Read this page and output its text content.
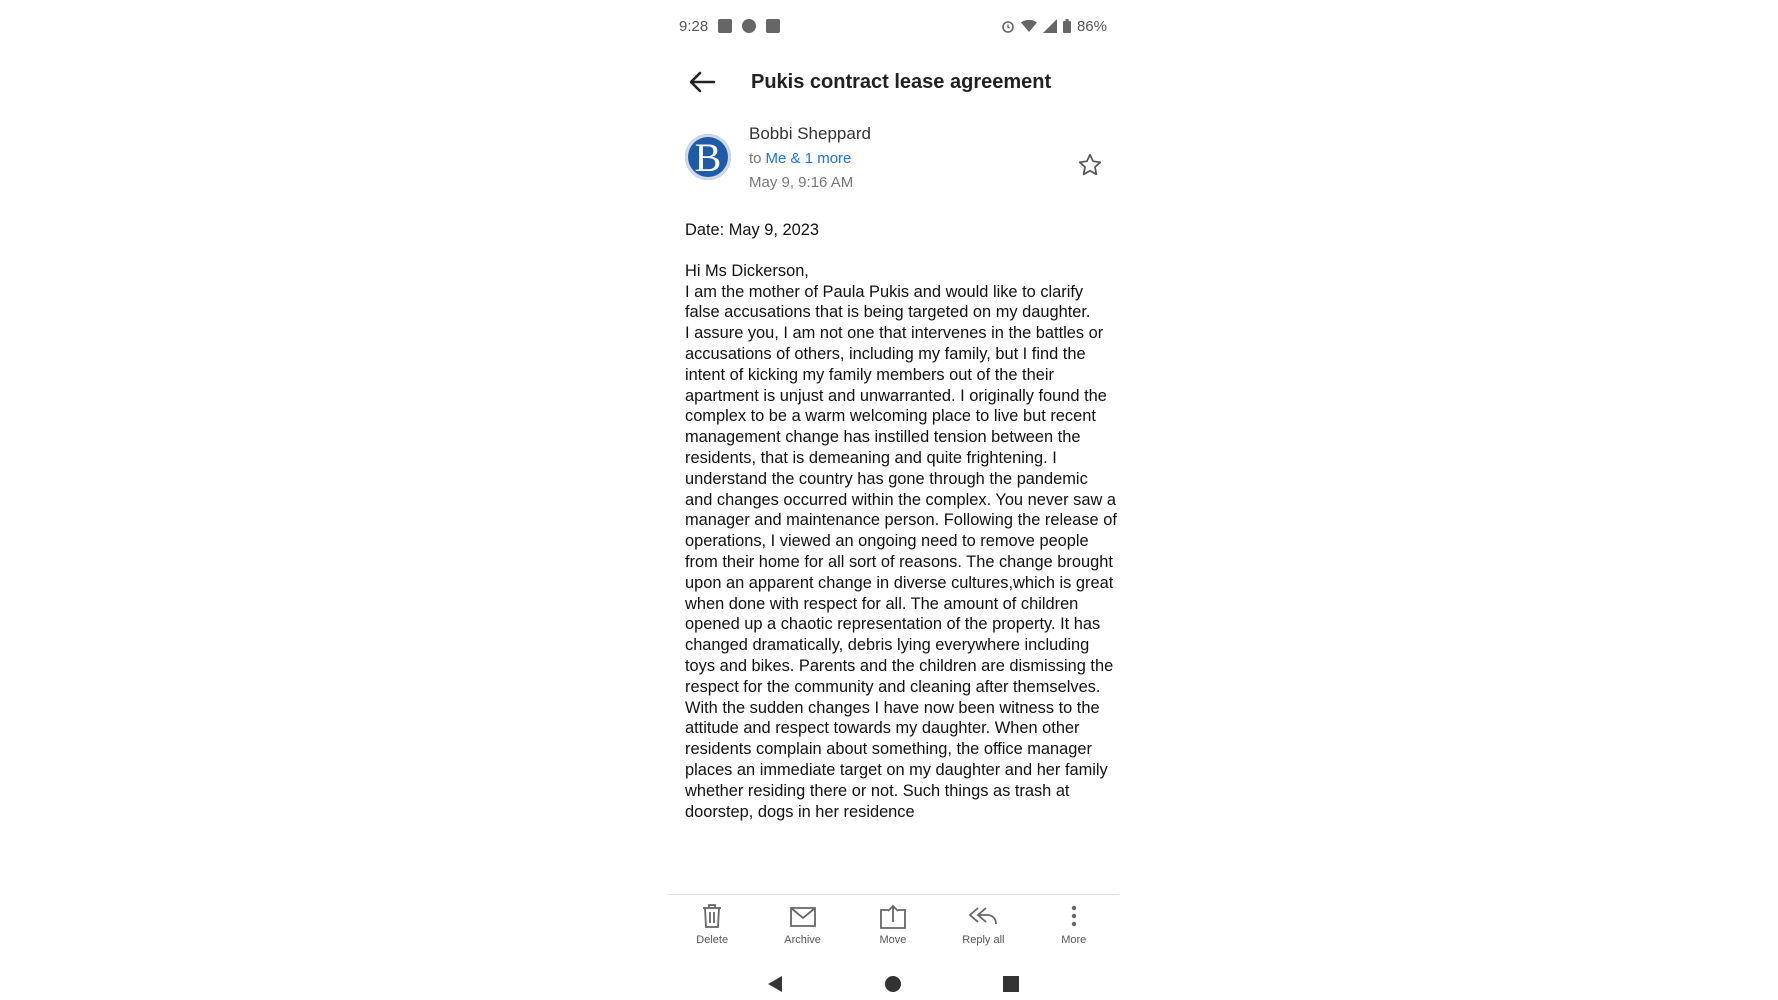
9:28	86%
Pukis contract lease agreement
B
Bobbi Sheppard
to Me & 1 more
May 9, 9:16 AM
Date: May 9, 2023

Hi Ms Dickerson,

I am the mother of Paula Pukis and would like to clarify false accusations that is being targeted on my daughter.

I assure you, I am not one that intervenes in the battles or accusations of others, including my family, but I find the intent of kicking my family members out of the their apartment is unjust and unwarranted. I originally found the complex to be a warm welcoming place to live but recent management change has instilled tension between the residents, that is demeaning and quite frightening. I understand the country has gone through the pandemic and changes occurred within the complex. You never saw a manager and maintenance person. Following the release of operations, I viewed an ongoing need to remove people from their home for all sort of reasons. The change brought upon an apparent change in diverse cultures,which is great when done with respect for all. The amount of children opened up a chaotic representation of the property. It has changed dramatically, debris lying everywhere including toys and bikes. Parents and the children are dismissing the respect for the community and cleaning after themselves.

With the sudden changes I have now been witness to the attitude and respect towards my daughter. When other residents complain about something, the office manager places an immediate target on my daughter and her family whether residing there or not. Such things as trash at doorstep, dogs in her residence

Delete	Archive	Move	Reply all	More
